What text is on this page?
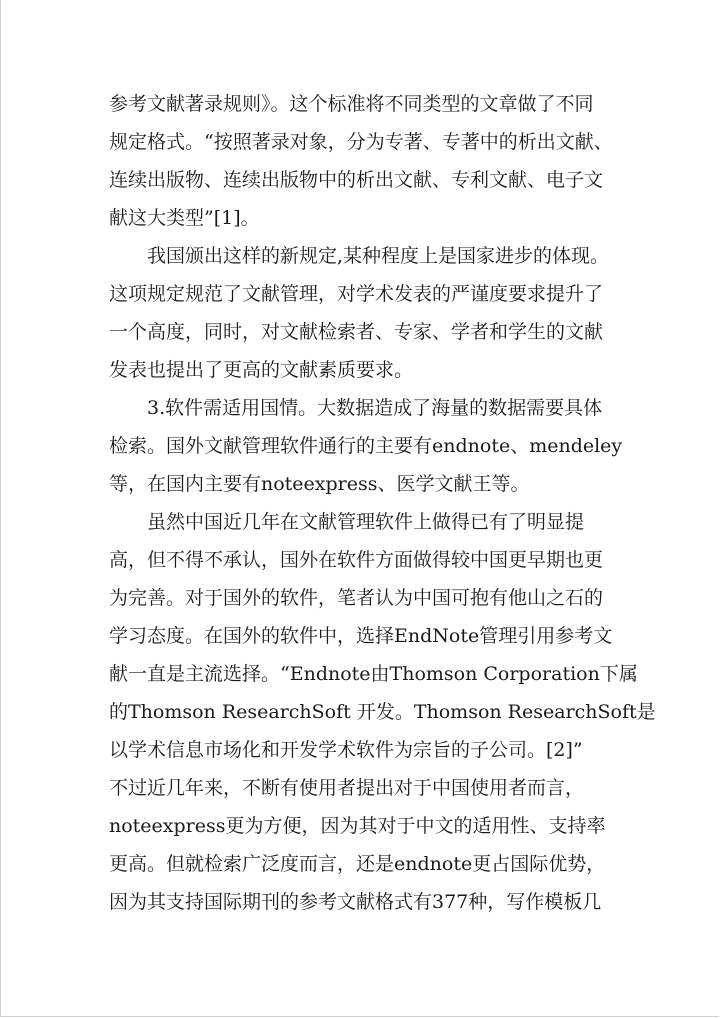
参考文献著录规则》。这个标准将不同类型的文章做了不同

规定格式。“按照著录对象，分为专著、专著中的析出文献、

连续出版物、连续出版物中的析出文献、专利文献、电子文

献这大类型”[1]。

我国颁出这样的新规定,某种程度上是国家进步的体现。

这项规定规范了文献管理，对学术发表的严谨度要求提升了

一个高度，同时，对文献检索者、专家、学者和学生的文献

发表也提出了更高的文献素质要求。

3.软件需适用国情。大数据造成了海量的数据需要具体

检索。国外文献管理软件通行的主要有endnote、mendeley

等，在国内主要有noteexpress、医学文献王等。

虽然中国近几年在文献管理软件上做得已有了明显提

高，但不得不承认，国外在软件方面做得较中国更早期也更

为完善。对于国外的软件，笔者认为中国可抱有他山之石的

学习态度。在国外的软件中，选择EndNote管理引用参考文

献一直是主流选择。“Endnote由Thomson Corporation下属

的Thomson ResearchSoft 开发。Thomson ResearchSoft是

以学术信息市场化和开发学术软件为宗旨的子公司。[2]”

不过近几年来，不断有使用者提出对于中国使用者而言，

noteexpress更为方便，因为其对于中文的适用性、支持率

更高。但就检索广泛度而言，还是endnote更占国际优势，

因为其支持国际期刊的参考文献格式有377种，写作模板几
